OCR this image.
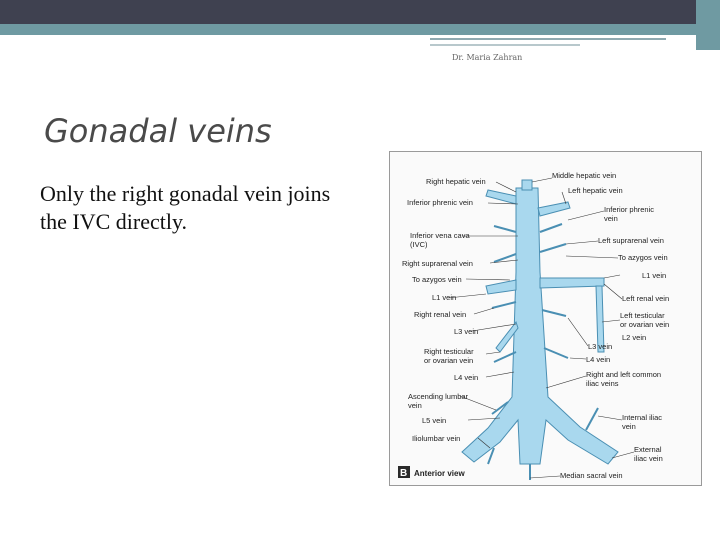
Dr. Maria Zahran
Gonadal veins
Only the right gonadal vein joins the IVC directly.
Right hepatic vein
Inferior phrenic vein
Inferior vena cava
(IVC)
Right suprarenal vein
To azygos vein
L1 vein
Right renal vein
L3 vein
Right testicular
or ovarian vein
L4 vein
Ascending lumbar
vein
L5 vein
Iliolumbar vein
Middle hepatic vein
Left hepatic vein
Inferior phrenic
vein
Left suprarenal vein
To azygos vein
L1 vein
Left renal vein
Left testicular
or ovarian vein
L2 vein
L3 vein
L4 vein
Right and left common
iliac veins
Internal iliac
vein
External
iliac vein
Median sacral vein
B Anterior view
